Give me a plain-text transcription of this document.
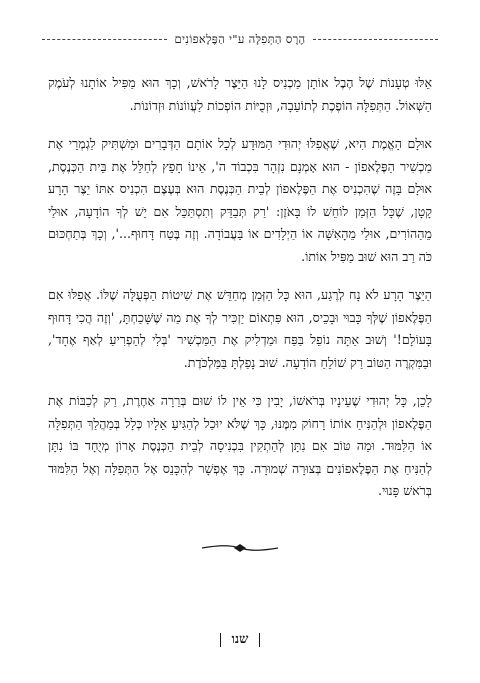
הֶרֶס הַתְּפִלָּה ע"י הַפֶּלֶאפוֹנִים

אֵלּוּ טְעָנוֹת שֶׁל הֶבֶל אוֹתָן מַכְנִיס לָנוּ הַיֵּצֶר לָרֹאשׁ, וְכָךְ הוּא מַפִּיל אוֹתָנוּ לְעֹמֶק הַשְּׁאוֹל. הַתְּפִלָּה הוֹפֶכֶת לְתוֹעֵבָה, וּזְכֻיּוֹת הוֹפְכוֹת לַעֲווֹנוֹת וּזְדוֹנוֹת.

אוּלָם הָאֱמֶת הִיא, שֶׁאֲפִלּוּ יְהוּדִי הַמּוּדָע לְכָל אוֹתָם הַדְּבָרִים וּמַשְׁתִּיק לַגְמְרֵי אֶת מַכְשִׁיר הַפֶּלֶאפוֹן - הוּא אָמְנָם נִזְהָר בִּכְבוֹד ה', אֵינוֹ חָפֵץ לְחַלֵּל אֶת בֵּית הַכְּנֶסֶת, אוּלָם בָּזֶה שֶׁהִכְנִיס אֶת הַפֶּלֶאפוֹן לְבֵית הַכְּנֶסֶת הוּא בְּעֶצֶם הִכְנִיס אִתּוֹ יֵצֶר הָרָע קָטָן, שֶׁכָּל הַזְּמַן לוֹחֵשׁ לוֹ בָּאֹזֶן: 'רַק תְּבַדֵּק וְתִסְתַּכֵּל אִם יֵשׁ לְךָ הוֹדָעָה, אוּלַי מֵהַהוֹרִים, אוּלַי מֵהָאִשָּׁה אוֹ הַיְלָדִים אוֹ בַּעֲבוֹדָה. וְזֶה בֶּטַח דָּחוּף...', וְכָךְ בְּתַחְכּוּם כֹּה רַב הוּא שׁוּב מַפִּיל אוֹתוֹ.

הַיֵּצֶר הָרָע לֹא נָח לְרֶגַע, הוּא כָּל הַזְּמַן מְחַדֵּשׁ אֶת שִׁיטוֹת הַפְּעֻלָּה שֶׁלּוֹ. אֲפִלּוּ אִם הַפֶּלֶאפוֹן שֶׁלְּךָ כָּבוּי וּבָכֵיס, הוּא פִּתְאוֹם יַזְכִּיר לְךָ אֶת מַה שֶּׁשָּׁכַחְתָּ, 'וְזֶה הֲכִי דָּחוּף בָּעוֹלָם!' וְשׁוּב אַתָּה נוֹפֵל בַּפַּח וּמַדְלִיק אֶת הַמַּכְשִׁיר 'בְּלִי לְהַפְרִיעַ לְאַף אֶחָד', וּבַמִּקְרֶה הַטּוֹב רַק שׁוֹלֵחַ הוֹדָעָה. שׁוּב נָפַלְתָּ בַּמַּלְכֹּדֶת.

לָכֵן, כָּל יְהוּדִי שֶׁעֵינָיו בְּרֹאשׁוֹ, יָבִין כִּי אֵין לוֹ שׁוּם בְּרֵרָה אַחֶרֶת, רַק לְכַבּוֹת אֶת הַפֶּלֶאפוֹן וּלְהַנִּיחַ אוֹתוֹ רָחוֹק מִמֶּנּוּ, כָּךְ שֶׁלֹּא יוּכַל לְהַגִּיעַ אֵלָיו כְּלָל בְּמַהֲלַךְ הַתְּפִלָּה אוֹ הַלִּמּוּד. וּמַה טּוֹב אִם נִתָּן לְהַתְקִין בִּכְנִיסָה לְבֵית הַכְּנֶסֶת אָרוֹן מְיֻחָד בּוֹ נִתָּן לְהַנִּיחַ אֶת הַפֶּלֶאפוֹנִים בְּצוּרָה שְׁמוּרָה. כָּךְ אֶפְשָׁר לְהִכָּנֵס אֶל הַתְּפִלָּה וְאֶל הַלִּמּוּד בְּרֹאשׁ פָּנוּי.

שנו
